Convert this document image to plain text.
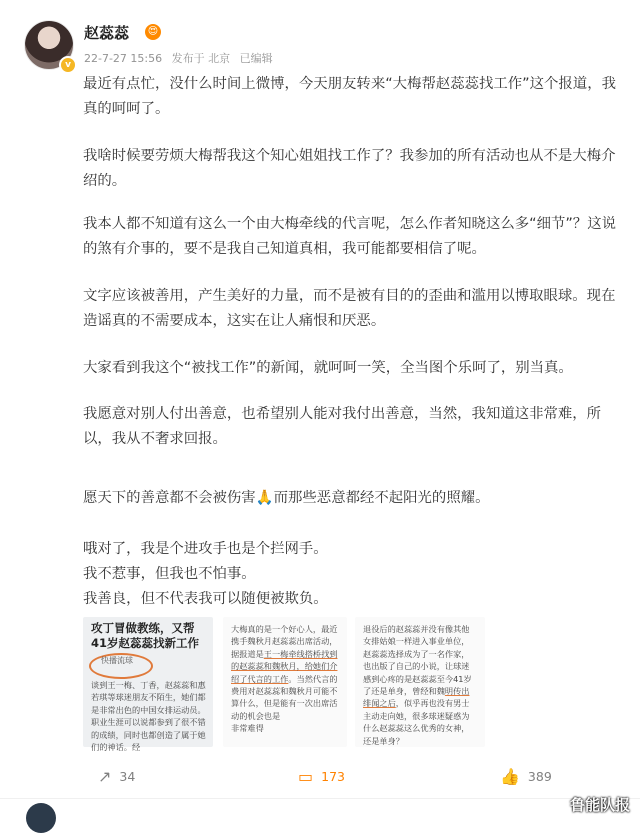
v
赵蕊蕊 😍
22-7-27 15:56 发布于 北京 已编辑

最近有点忙，没什么时间上微博，今天朋友转来“大梅帮赵蕊蕊找工作”这个报道，我真的呵呵了。

我啥时候要劳烦大梅帮我这个知心姐姐找工作了？我参加的所有活动也从不是大梅介绍的。

我本人都不知道有这么一个由大梅牵线的代言呢，怎么作者知晓这么多“细节”？这说的煞有介事的，要不是我自己知道真相，我可能都要相信了呢。

文字应该被善用，产生美好的力量，而不是被有目的的歪曲和滥用以博取眼球。现在造谣真的不需要成本，这实在让人痛恨和厌恶。

大家看到我这个“被找工作”的新闻，就呵呵一笑，全当图个乐呵了，别当真。

我愿意对别人付出善意，也希望别人能对我付出善意，当然，我知道这非常难，所以，我从不奢求回报。

愿天下的善意都不会被伤害🙏而那些恶意都经不起阳光的照耀。

哦对了，我是个进攻手也是个拦网手。

我不惹事，但我也不怕事。

我善良，但不代表我可以随便被欺负。

攻丁冒做教练，又帮41岁赵蕊蕊找新工作
快播流球
谈到王一梅、丁香，赵蕊蕊和惠若琪等球迷朋友不陌生，她们都是非常出色的中国女排运动员。职业生涯可以说都参到了很不错的成绩，同时也都创造了属于她们的神话。经
大梅真的是一个好心人，最近携手魏秋月赵蕊蕊出席活动，据报道是王一梅牵线搭桥找到的赵蕊蕊和魏秋月，给她们介绍了代言的工作。当然代言的费用对赵蕊蕊和魏秋月可能不算什么，但是能有一次出席活动的机会也是
非常难得
退役后的赵蕊蕊并没有像其他女排姑娘一样进入事业单位，赵蕊蕊选择成为了一名作家，也出版了自己的小说，让球迷感到心疼的是赵蕊蕊至今41岁了还是单身，曾经和魏明传出绯闻之后，似乎再也没有男士主动走向她，很多球迷疑惑为什么赵蕊蕊这么优秀的女神，还是单身？
↗ 34	▭ 173	👍 389
鲁能队报
